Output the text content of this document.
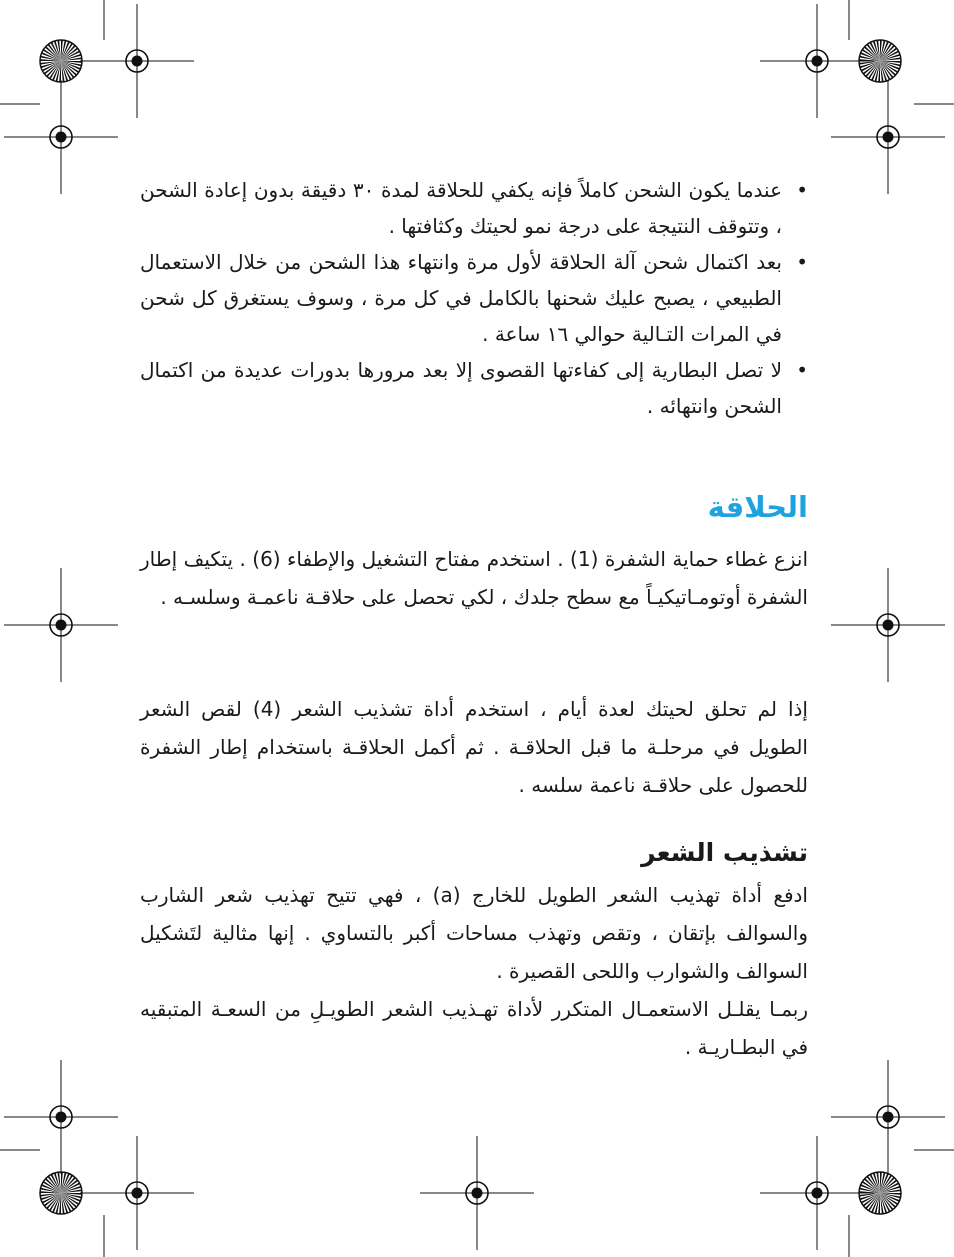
•
عندما يكون الشحن كاملاً فإنه يكفي للحلاقة لمدة ٣٠ دقيقة بدون إعادة الشحن ، وتتوقف النتيجة على درجة نمو لحيتك وكثافتها .

•
بعد اكتمال شحن آلة الحلاقة لأول مرة وانتهاء هذا الشحن من خلال الاستعمال الطبيعي ، يصبح عليك شحنها بالكامل في كل مرة ، وسوف يستغرق كل شحن في المرات التـالية حوالي ١٦ ساعة .

•
لا تصل البطارية إلى كفاءتها القصوى إلا بعد مرورها بدورات عديدة من اكتمال الشحن وانتهائه .

الحلاقة

انزع غطاء حماية الشفرة (1) . استخدم مفتاح التشغيل والإطفاء (6) . يتكيف إطار الشفرة أوتومـاتيكيـاً مع سطح جلدك ، لكي تحصل على حلاقـة ناعمـة وسلسـه .

إذا لم تحلق لحيتك لعدة أيام ، استخدم أداة تشذيب الشعر (4) لقص الشعر الطويل في مرحلـة ما قبل الحلاقـة . ثم أكمل الحلاقـة باستخدام إطار الشفرة للحصول على حلاقـة ناعمة سلسه .

تشذيب الشعر

ادفع أداة تهذيب الشعر الطويل للخارج (a) ، فهي تتيح تهذيب شعر الشارب والسوالف بإتقان ، وتقص وتهذب مساحات أكبر بالتساوي . إنها مثالية لتَشكيل السوالف والشوارب واللحى القصيرة .

ربمـا يقلـل الاستعمـال المتكرر لأداة تهـذيب الشعر الطويـلِ من السعـة المتبقيه في البطـاريـة .
